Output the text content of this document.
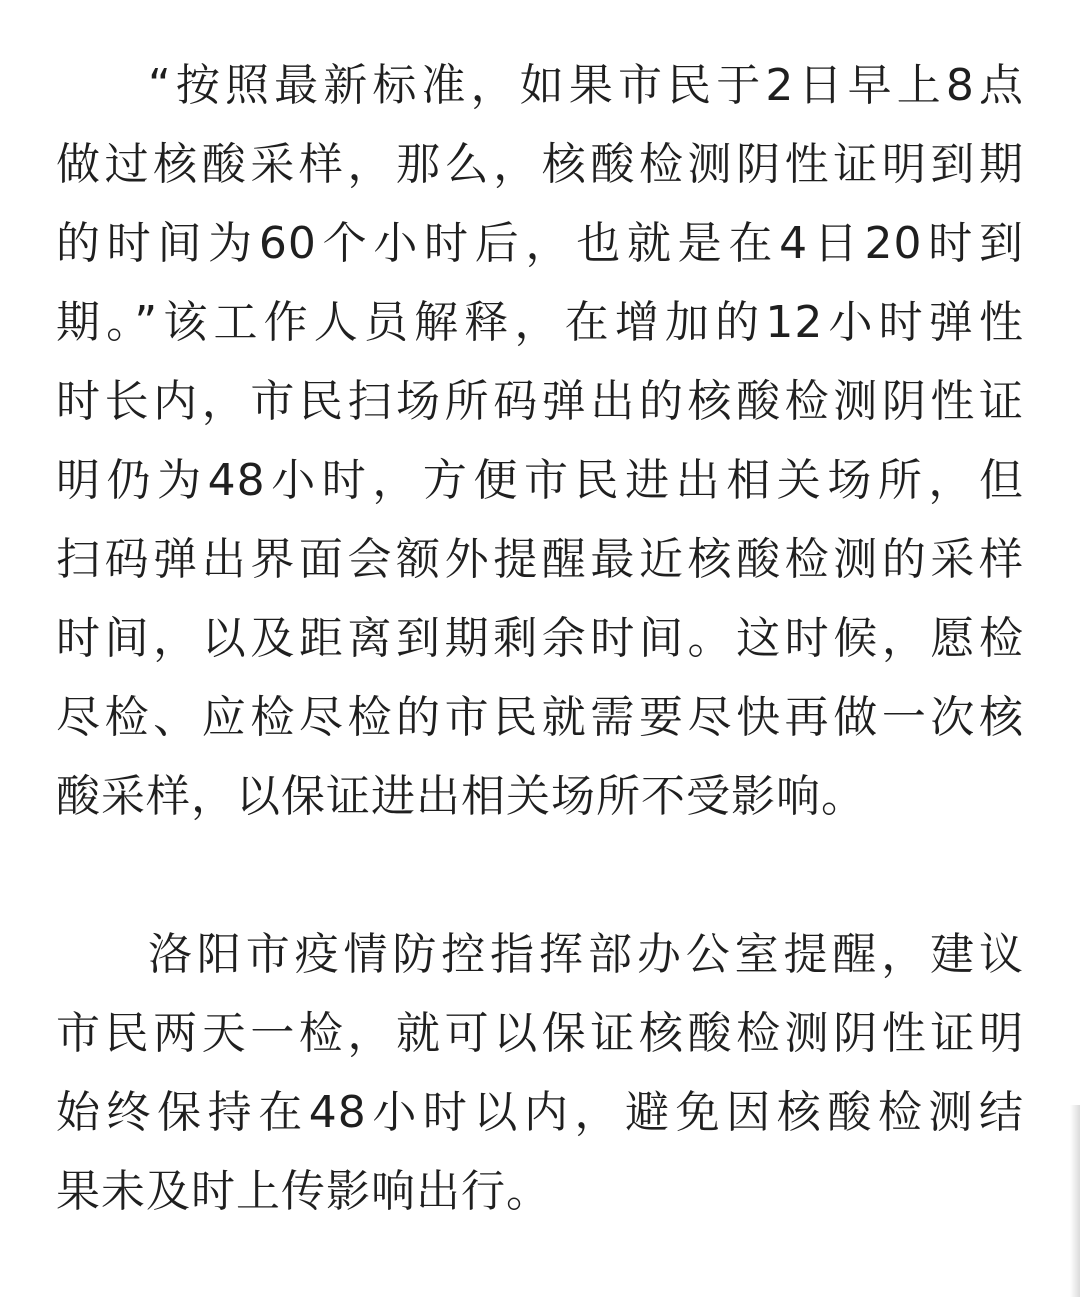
“按照最新标准，如果市民于2日早上8点
做过核酸采样，那么，核酸检测阴性证明到期
的时间为60个小时后，也就是在4日20时到
期。”该工作人员解释，在增加的12小时弹性
时长内，市民扫场所码弹出的核酸检测阴性证
明仍为48小时，方便市民进出相关场所，但
扫码弹出界面会额外提醒最近核酸检测的采样
时间，以及距离到期剩余时间。这时候，愿检
尽检、应检尽检的市民就需要尽快再做一次核
酸采样，以保证进出相关场所不受影响。

洛阳市疫情防控指挥部办公室提醒，建议
市民两天一检，就可以保证核酸检测阴性证明
始终保持在48小时以内，避免因核酸检测结
果未及时上传影响出行。
